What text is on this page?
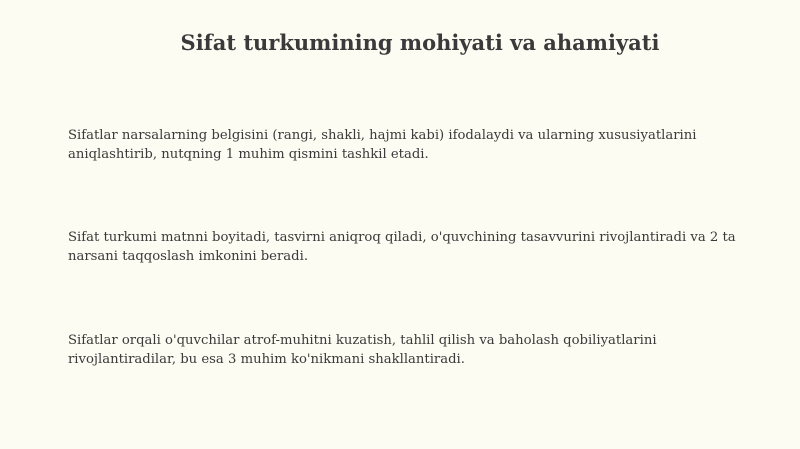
Sifat turkumining mohiyati va ahamiyati

Sifatlar narsalarning belgisini (rangi, shakli, hajmi kabi) ifodalaydi va ularning xususiyatlarini aniqlashtirib, nutqning 1 muhim qismini tashkil etadi.

Sifat turkumi matnni boyitadi, tasvirni aniqroq qiladi, o'quvchining tasavvurini rivojlantiradi va 2 ta narsani taqqoslash imkonini beradi.

Sifatlar orqali o'quvchilar atrof-muhitni kuzatish, tahlil qilish va baholash qobiliyatlarini rivojlantiradilar, bu esa 3 muhim ko'nikmani shakllantiradi.
